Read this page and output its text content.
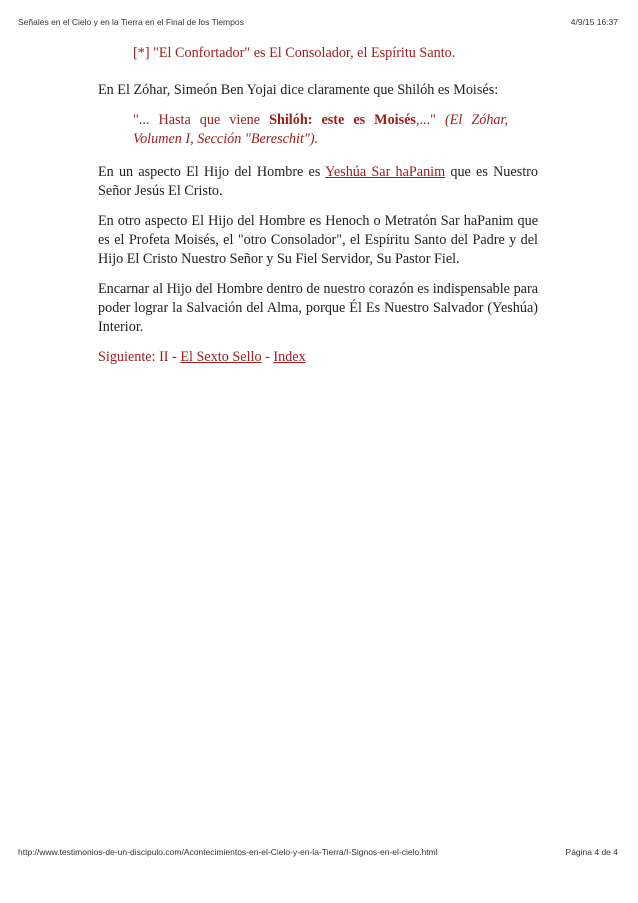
Señales en el Cielo y en la Tierra en el Final de los Tiempos	4/9/15 16:37

[*] "El Confortador" es El Consolador, el Espíritu Santo.

En El Zóhar, Simeón Ben Yojai dice claramente que Shilóh es Moisés:

"... Hasta que viene Shilóh: este es Moisés,..." (El Zóhar, Volumen I, Sección "Bereschit").

En un aspecto El Hijo del Hombre es Yeshúa Sar haPanim que es Nuestro Señor Jesús El Cristo.

En otro aspecto El Hijo del Hombre es Henoch o Metratón Sar haPanim que es el Profeta Moisés, el "otro Consolador", el Espíritu Santo del Padre y del Hijo El Cristo Nuestro Señor y Su Fiel Servidor, Su Pastor Fiel.

Encarnar al Hijo del Hombre dentro de nuestro corazón es indispensable para poder lograr la Salvación del Alma, porque Él Es Nuestro Salvador (Yeshúa) Interior.

Siguiente: II - El Sexto Sello - Index

http://www.testimonios-de-un-discipulo.com/Acontecimientos-en-el-Cielo-y-en-la-Tierra/I-Signos-en-el-cielo.html	Página 4 de 4
